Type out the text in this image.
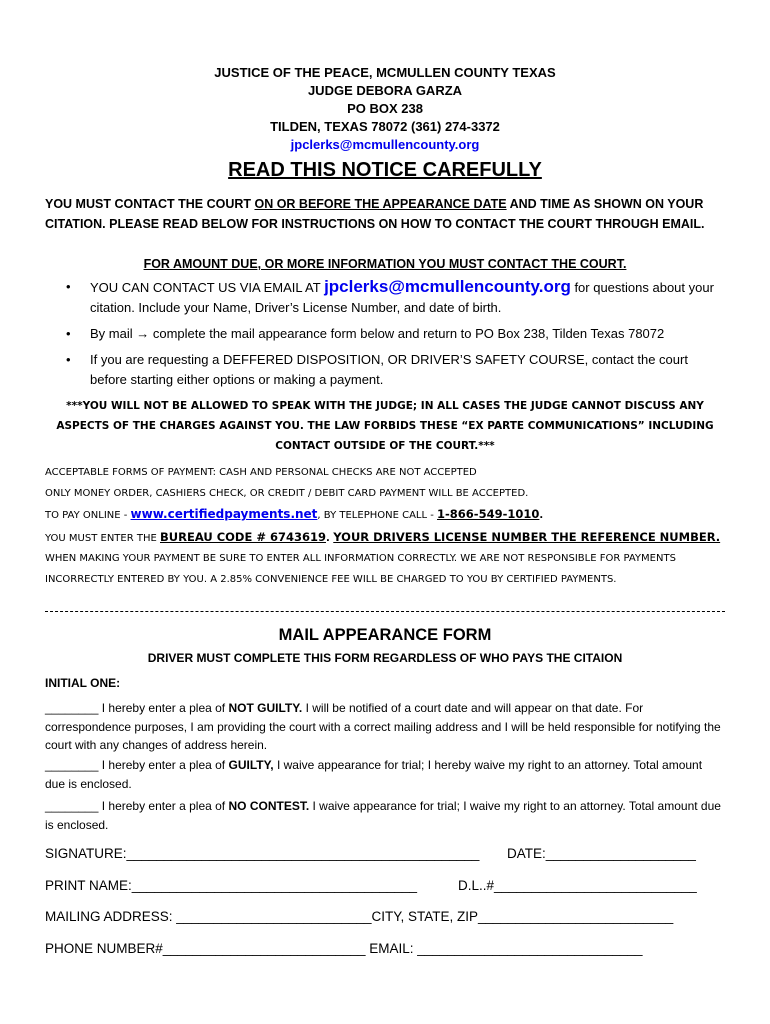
JUSTICE OF THE PEACE, MCMULLEN COUNTY TEXAS
JUDGE DEBORA GARZA
PO BOX 238
TILDEN, TEXAS 78072 (361) 274-3372
jpclerks@mcmullencounty.org
READ THIS NOTICE CAREFULLY
YOU MUST CONTACT THE COURT ON OR BEFORE THE APPEARANCE DATE AND TIME AS SHOWN ON YOUR CITATION. PLEASE READ BELOW FOR INSTRUCTIONS ON HOW TO CONTACT THE COURT THROUGH EMAIL.
FOR AMOUNT DUE, OR MORE INFORMATION YOU MUST CONTACT THE COURT.
• YOU CAN CONTACT US VIA EMAIL AT jpclerks@mcmullencounty.org for questions about your citation. Include your Name, Driver’s License Number, and date of birth.
• By mail → complete the mail appearance form below and return to PO Box 238, Tilden Texas 78072
• If you are requesting a DEFFERED DISPOSITION, OR DRIVER’S SAFETY COURSE, contact the court before starting either options or making a payment.
***YOU WILL NOT BE ALLOWED TO SPEAK WITH THE JUDGE; IN ALL CASES THE JUDGE CANNOT DISCUSS ANY ASPECTS OF THE CHARGES AGAINST YOU. THE LAW FORBIDS THESE “EX PARTE COMMUNICATIONS” INCLUDING CONTACT OUTSIDE OF THE COURT.***
ACCEPTABLE FORMS OF PAYMENT: CASH AND PERSONAL CHECKS ARE NOT ACCEPTED
ONLY MONEY ORDER, CASHIERS CHECK, OR CREDIT / DEBIT CARD PAYMENT WILL BE ACCEPTED.
TO PAY ONLINE - www.certifiedpayments.net, BY TELEPHONE CALL - 1-866-549-1010.
YOU MUST ENTER THE BUREAU CODE # 6743619. YOUR DRIVERS LICENSE NUMBER THE REFERENCE NUMBER.
WHEN MAKING YOUR PAYMENT BE SURE TO ENTER ALL INFORMATION CORRECTLY. WE ARE NOT RESPONSIBLE FOR PAYMENTS INCORRECTLY ENTERED BY YOU. A 2.85% CONVENIENCE FEE WILL BE CHARGED TO YOU BY CERTIFIED PAYMENTS.
MAIL APPEARANCE FORM
DRIVER MUST COMPLETE THIS FORM REGARDLESS OF WHO PAYS THE CITAION
INITIAL ONE:
________ I hereby enter a plea of NOT GUILTY. I will be notified of a court date and will appear on that date. For correspondence purposes, I am providing the court with a correct mailing address and I will be held responsible for notifying the court with any changes of address herein.
________ I hereby enter a plea of GUILTY, I waive appearance for trial; I hereby waive my right to an attorney. Total amount due is enclosed.
________ I hereby enter a plea of NO CONTEST. I waive appearance for trial; I waive my right to an attorney. Total amount due is enclosed.
SIGNATURE:_______________________________________________ DATE:____________________
PRINT NAME:______________________________________	D.L..#___________________________
MAILING ADDRESS: __________________________CITY, STATE, ZIP__________________________
PHONE NUMBER#___________________________ EMAIL: ______________________________
